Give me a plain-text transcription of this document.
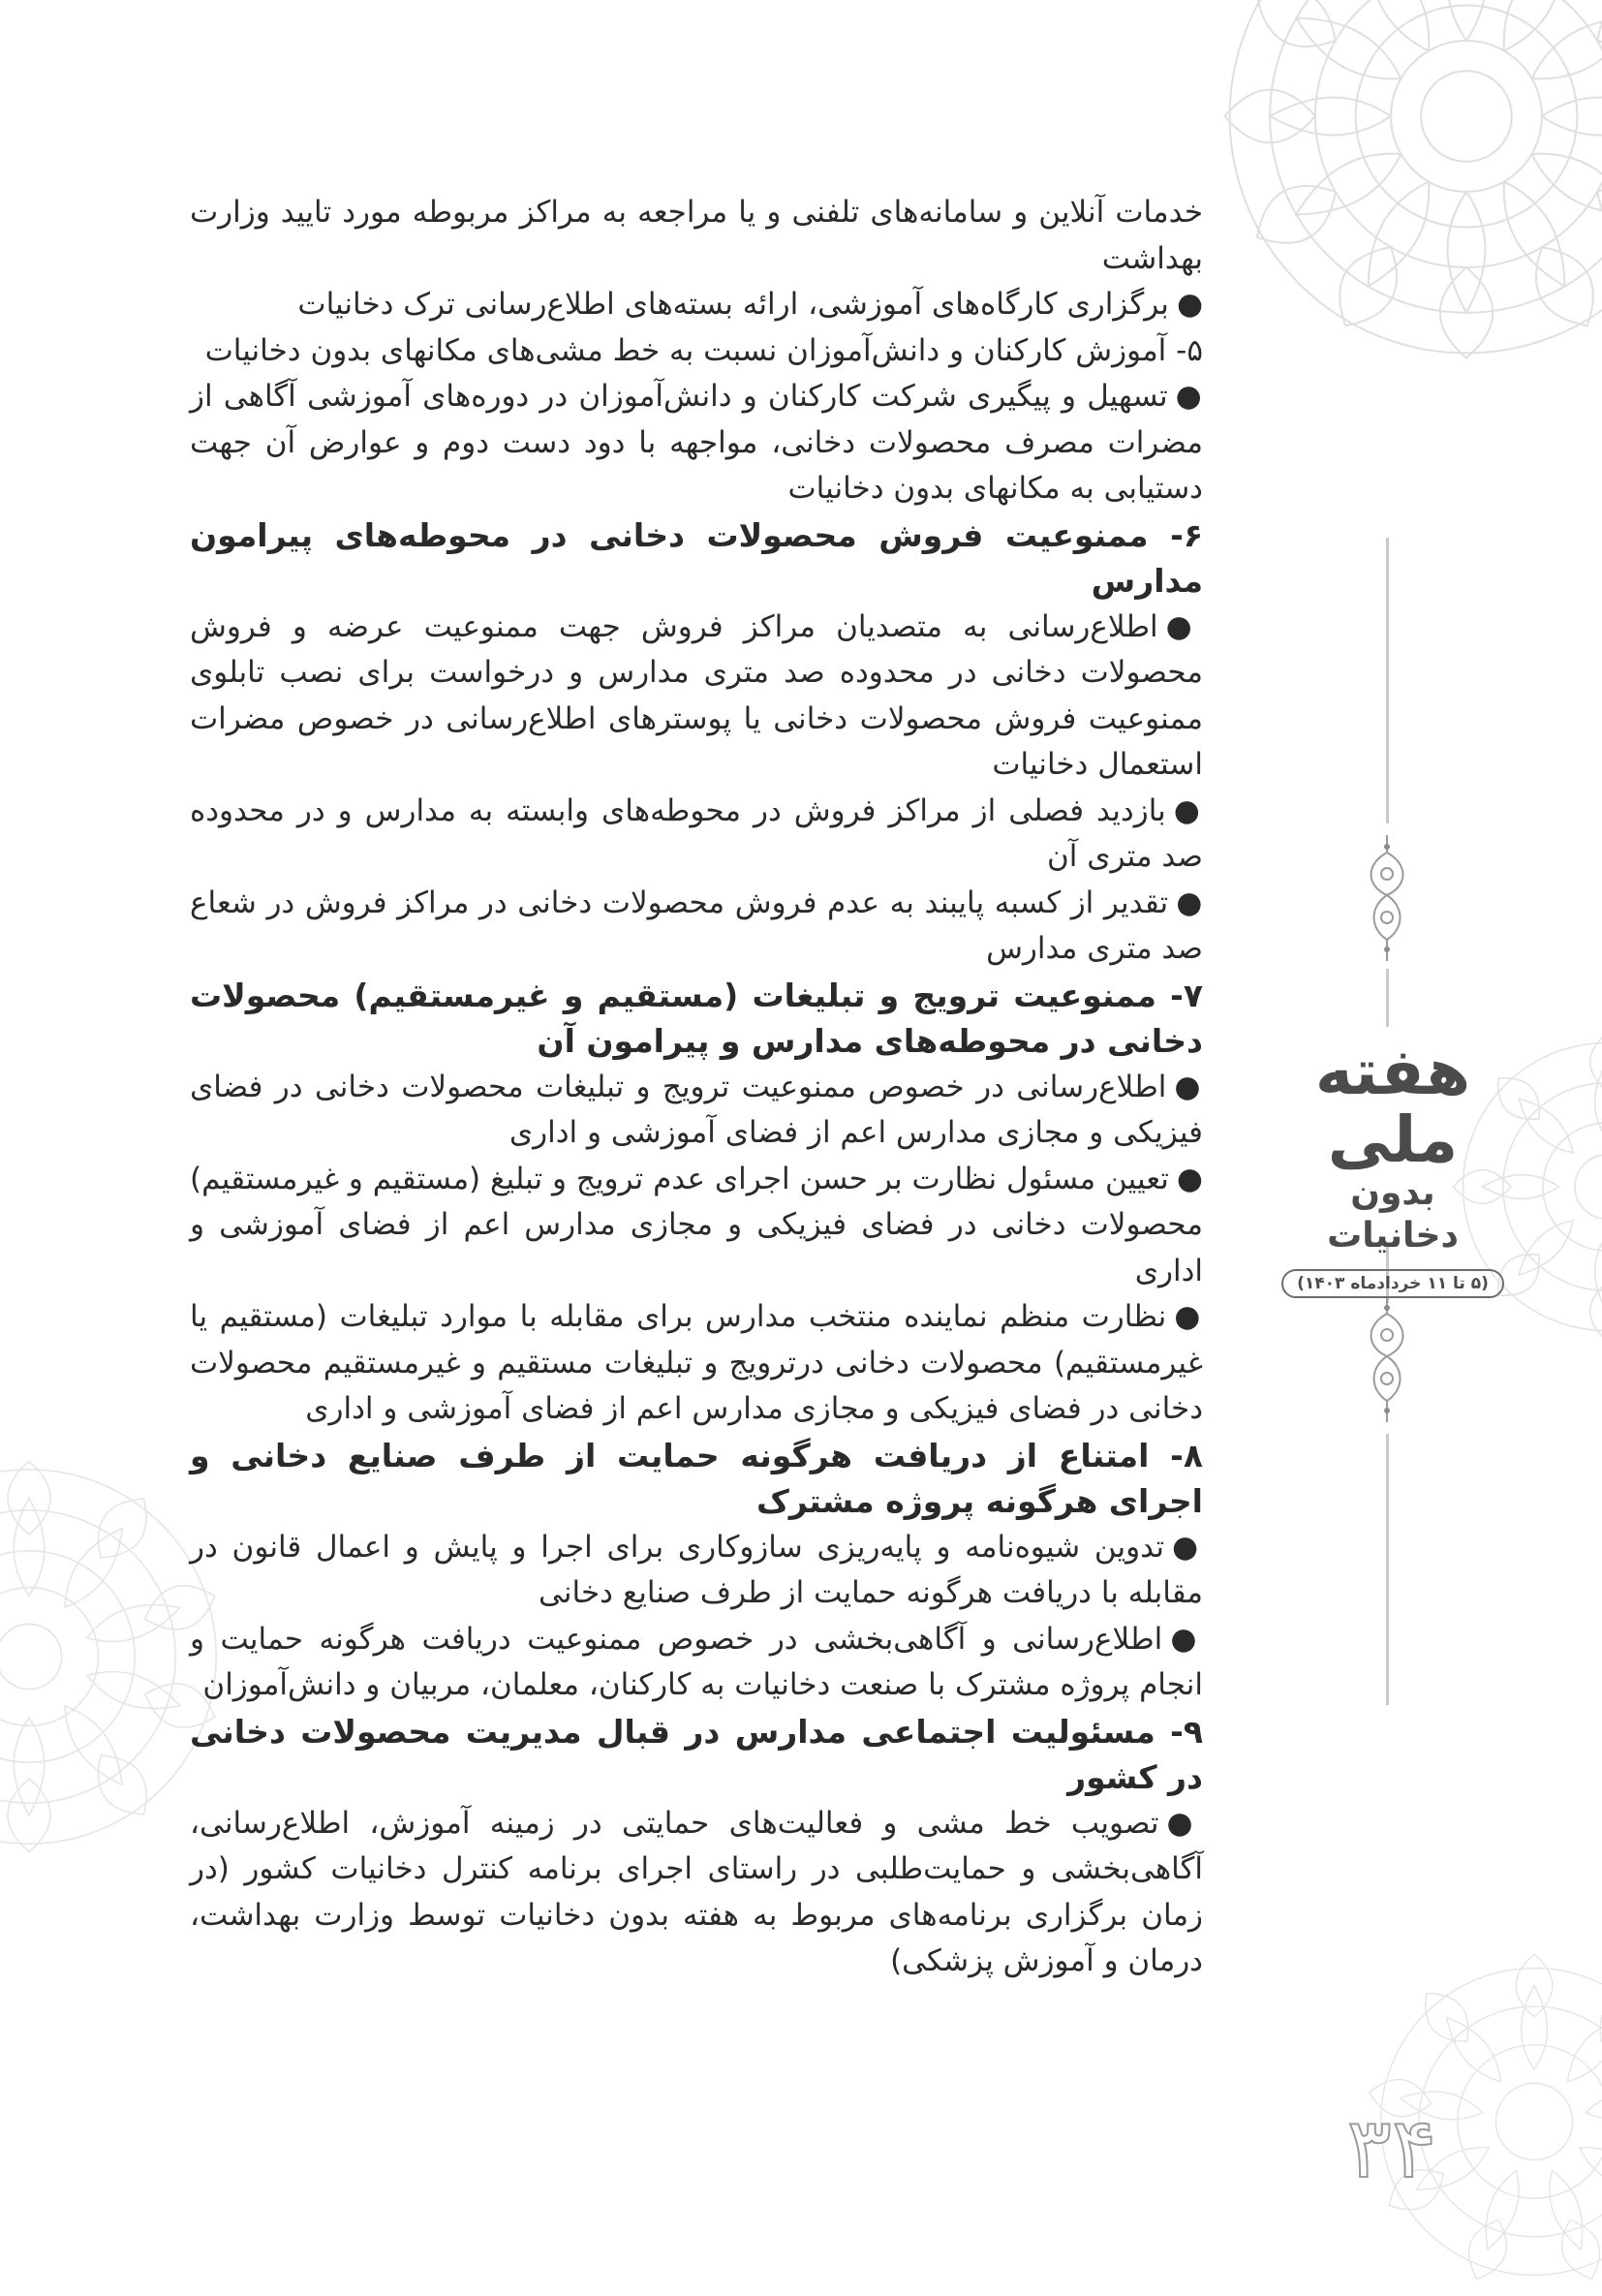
هفته ملی
بدون دخانیات
(۵ تا ۱۱ خردادماه ۱۴۰۳)

خدمات آنلاین و سامانه‌های تلفنی و یا مراجعه به مراکز مربوطه مورد تایید وزارت بهداشت

●برگزاری کارگاه‌های آموزشی، ارائه بسته‌های اطلاع‌رسانی ترک دخانیات

۵- آموزش کارکنان و دانش‌آموزان نسبت به خط مشی‌های مکانهای بدون دخانیات

●تسهیل و پیگیری شرکت کارکنان و دانش‌آموزان در دوره‌های آموزشی آگاهی از مضرات مصرف محصولات دخانی، مواجهه با دود دست دوم و عوارض آن جهت دستیابی به مکانهای بدون دخانیات

۶- ممنوعیت فروش محصولات دخانی در محوطه‌های پیرامون مدارس

●اطلاع‌رسانی به متصدیان مراکز فروش جهت ممنوعیت عرضه و فروش محصولات دخانی در محدوده صد متری مدارس و درخواست برای نصب تابلوی ممنوعیت فروش محصولات دخانی یا پوسترهای اطلاع‌رسانی در خصوص مضرات استعمال دخانیات

●بازدید فصلی از مراکز فروش در محوطه‌های وابسته به مدارس و در محدوده صد متری آن

●تقدیر از کسبه پایبند به عدم فروش محصولات دخانی در مراکز فروش در شعاع صد متری مدارس

۷- ممنوعیت ترویج و تبلیغات (مستقیم و غیرمستقیم) محصولات دخانی در محوطه‌های مدارس و پیرامون آن

●اطلاع‌رسانی در خصوص ممنوعیت ترویج و تبلیغات محصولات دخانی در فضای فیزیکی و مجازی مدارس اعم از فضای آموزشی و اداری

●تعیین مسئول نظارت بر حسن اجرای عدم ترویج و تبلیغ (مستقیم و غیرمستقیم) محصولات دخانی در فضای فیزیکی و مجازی مدارس اعم از فضای آموزشی و اداری

●نظارت منظم نماینده منتخب مدارس برای مقابله با موارد تبلیغات (مستقیم یا غیرمستقیم) محصولات دخانی درترویج و تبلیغات مستقیم و غیرمستقیم محصولات دخانی در فضای فیزیکی و مجازی مدارس اعم از فضای آموزشی و اداری

۸- امتناع از دریافت هرگونه حمایت از طرف صنایع دخانی و اجرای هرگونه پروژه مشترک

●تدوین شیوه‌نامه و پایه‌ریزی سازوکاری برای اجرا و پایش و اعمال قانون در مقابله با دریافت هرگونه حمایت از طرف صنایع دخانی

●اطلاع‌رسانی و آگاهی‌بخشی در خصوص ممنوعیت دریافت هرگونه حمایت و انجام پروژه مشترک با صنعت دخانیات به کارکنان، معلمان، مربیان و دانش‌آموزان

۹- مسئولیت اجتماعی مدارس در قبال مدیریت محصولات دخانی در کشور

●تصویب خط مشی و فعالیت‌های حمایتی در زمینه آموزش، اطلاع‌رسانی، آگاهی‌بخشی و حمایت‌طلبی در راستای اجرای برنامه کنترل دخانیات کشور (در زمان برگزاری برنامه‌های مربوط به هفته بدون دخانیات توسط وزارت بهداشت، درمان و آموزش پزشکی)

۳۴
